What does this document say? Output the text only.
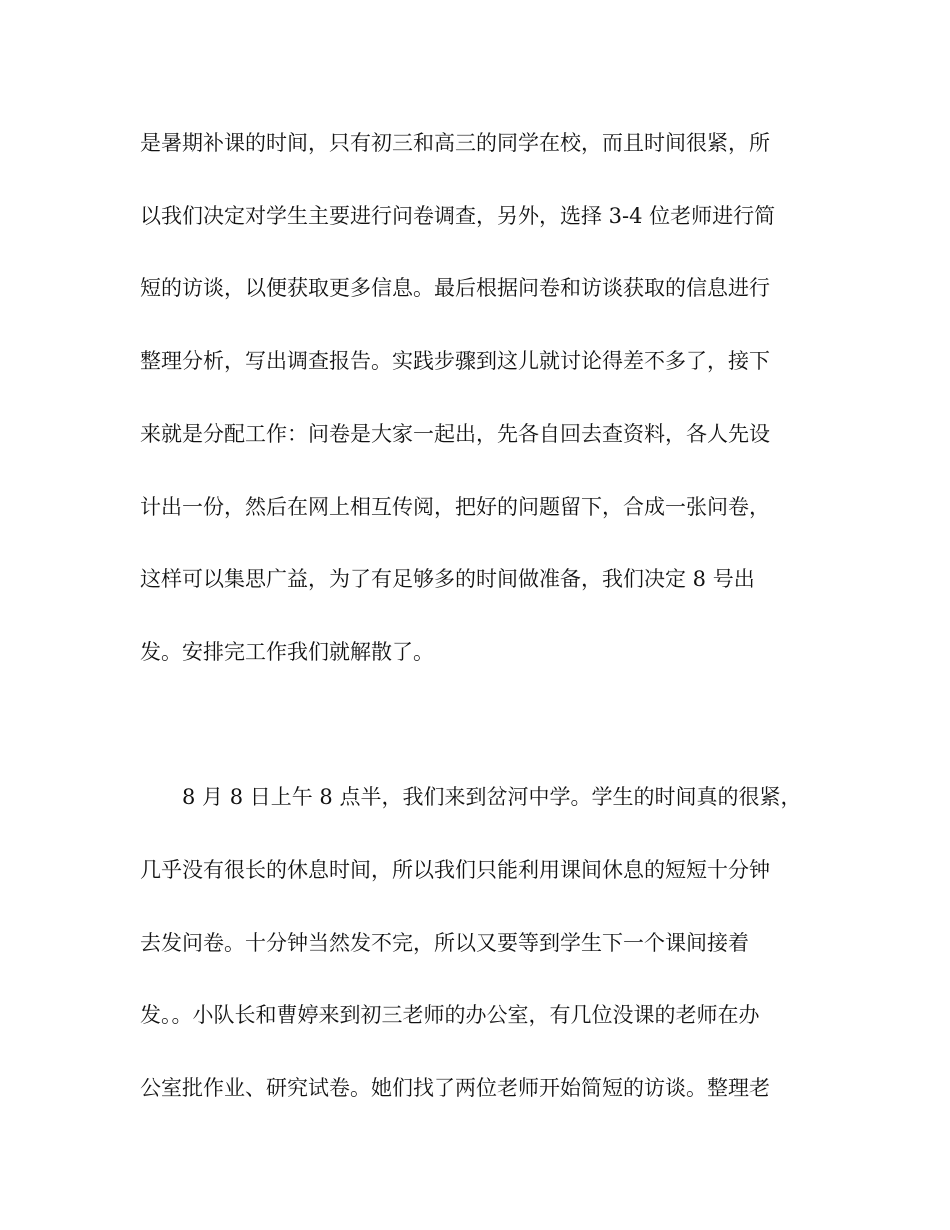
是暑期补课的时间，只有初三和高三的同学在校，而且时间很紧，所
以我们决定对学生主要进行问卷调查，另外，选择 3-4 位老师进行简
短的访谈，以便获取更多信息。最后根据问卷和访谈获取的信息进行
整理分析，写出调查报告。实践步骤到这儿就讨论得差不多了，接下
来就是分配工作：问卷是大家一起出，先各自回去查资料，各人先设
计出一份，然后在网上相互传阅，把好的问题留下，合成一张问卷，
这样可以集思广益，为了有足够多的时间做准备，我们决定 8 号出
发。安排完工作我们就解散了。
8 月 8 日上午 8 点半，我们来到岔河中学。学生的时间真的很紧，
几乎没有很长的休息时间，所以我们只能利用课间休息的短短十分钟
去发问卷。十分钟当然发不完，所以又要等到学生下一个课间接着
发。。小队长和曹婷来到初三老师的办公室，有几位没课的老师在办
公室批作业、研究试卷。她们找了两位老师开始简短的访谈。整理老
